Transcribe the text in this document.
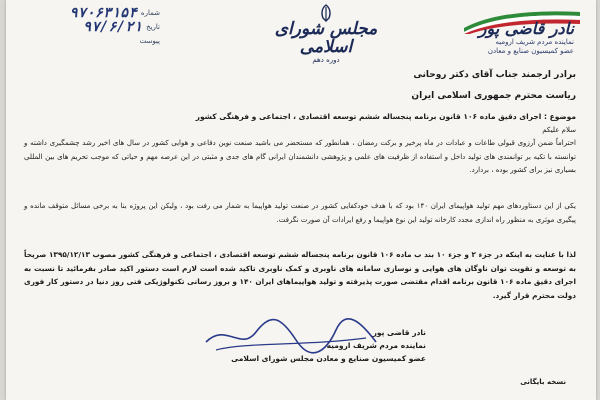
نادر قاضی پور
نماینده مردم شریف ارومیه
عضو کمیسیون صنایع و معادن
مجلس شورای اسلامی
دوره دهم
۹۷۰۶۳۱۵۴ شماره
۹۷/۶/۲۱ تاریخ
پیوست
برادر ارجمند جناب آقای دکتر روحانی
ریاست محترم جمهوری اسلامی ایران
موضوع : اجرای دقیق ماده ۱۰۶ قانون برنامه پنجساله ششم توسعه اقتصادی ، اجتماعی و فرهنگی کشور
سلام علیکم
احتراماً ضمن آرزوی قبولی طاعات و عبادات در ماه پرخیر و برکت رمضان ، همانطور که مستحضر می باشید صنعت نوین دفاعی و هوایی کشور در سال های اخیر رشد چشمگیری داشته و توانسته با تکیه بر توانمندی های تولید داخل و استفاده از ظرفیت های علمی و پژوهشی دانشمندان ایرانی گام های جدی و مثبتی در این عرصه مهم و حیاتی که موجب تحریم های بین المللی بسیاری نیز برای کشور بوده ، بردارد.
یکی از این دستاوردهای مهم تولید هواپیمای ایران ۱۴۰ بود که با هدف خودکفایی کشور در صنعت تولید هواپیما به شمار می رفت بود ، ولیکن این پروژه بنا به برخی مسائل متوقف مانده و پیگیری موثری به منظور راه اندازی مجدد کارخانه تولید این نوع هواپیما و رفع ایرادات آن صورت نگرفت.
لذا با عنایت به اینکه در جزء ۲ و جزء ۱۰ بند ب ماده ۱۰۶ قانون برنامه پنجساله ششم توسعه اقتصادی ، اجتماعی و فرهنگی کشور مصوب ۱۳۹۵/۱۲/۱۳ صریحاً به توسعه و تقویت توان ناوگان های هوایی و نوسازی سامانه های ناوبری و کمک ناوبری تاکید شده است لازم است دستور اکید صادر بفرمائید تا نسبت به اجرای دقیق ماده ۱۰۶ قانون برنامه اقدام مقتضی صورت پذیرفته و تولید هواپیماهای ایران ۱۴۰ و بروز رسانی تکنولوژیکی فنی روز دنیا در دستور کار فوری دولت محترم قرار گیرد.
نادر قاضی پور
نماینده مردم شریف ارومیه
عضو کمیسیون صنایع و معادن مجلس شورای اسلامی
نسخه بایگانی
